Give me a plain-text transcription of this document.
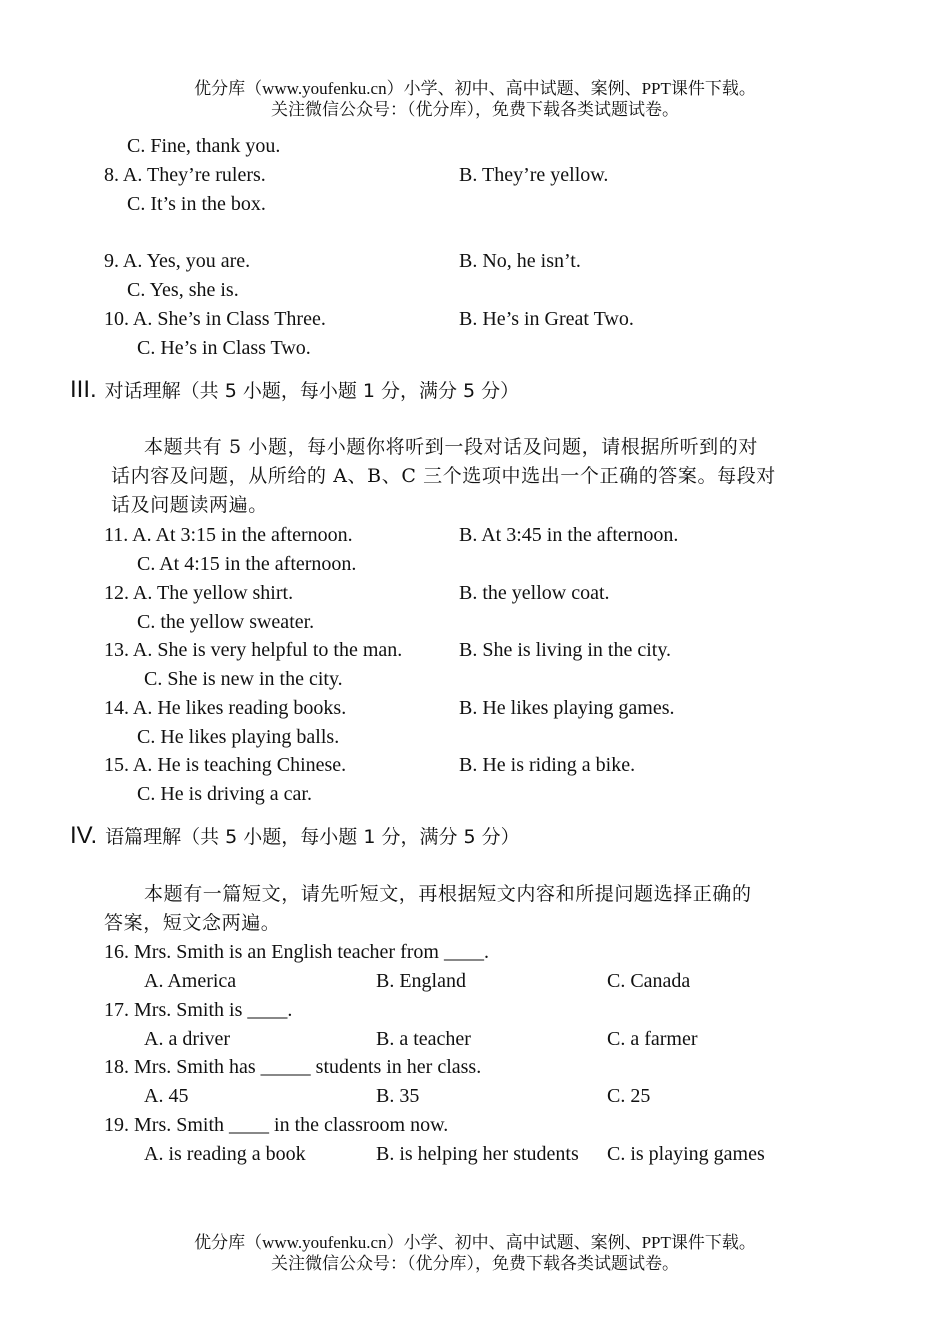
优分库（www.youfenku.cn）小学、初中、高中试题、案例、PPT课件下载。
关注微信公众号：（优分库），免费下载各类试题试卷。
C. Fine, thank you.
8. A. They’re rulers.	B. They’re yellow.
C. It’s in the box.
9. A. Yes, you are.	B. No, he isn’t.
C. Yes, she is.
10. A. She’s in Class Three.	B. He’s in Great Two.
C. He’s in Class Two.
III. 对话理解（共 5 小题，每小题 1 分，满分 5 分）
本题共有 5 小题，每小题你将听到一段对话及问题，请根据所听到的对
话内容及问题，从所给的 A、B、C 三个选项中选出一个正确的答案。每段对
话及问题读两遍。
11. A. At 3:15 in the afternoon.	B. At 3:45 in the afternoon.
C. At 4:15 in the afternoon.
12. A. The yellow shirt.	B. the yellow coat.
C. the yellow sweater.
13. A. She is very helpful to the man.	B. She is living in the city.
C. She is new in the city.
14. A. He likes reading books.	B. He likes playing games.
C. He likes playing balls.
15. A. He is teaching Chinese.	B. He is riding a bike.
C. He is driving a car.
IV. 语篇理解（共 5 小题，每小题 1 分，满分 5 分）
本题有一篇短文，请先听短文，再根据短文内容和所提问题选择正确的
答案，短文念两遍。
16. Mrs. Smith is an English teacher from ____.
A. America	B. England	C. Canada
17. Mrs. Smith is ____.
A. a driver	B. a teacher	C. a farmer
18. Mrs. Smith has _____ students in her class.
A. 45	B. 35	C. 25
19. Mrs. Smith ____ in the classroom now.
A. is reading a book	B. is helping her students C. is playing games
优分库（www.youfenku.cn）小学、初中、高中试题、案例、PPT课件下载。
关注微信公众号：（优分库），免费下载各类试题试卷。
